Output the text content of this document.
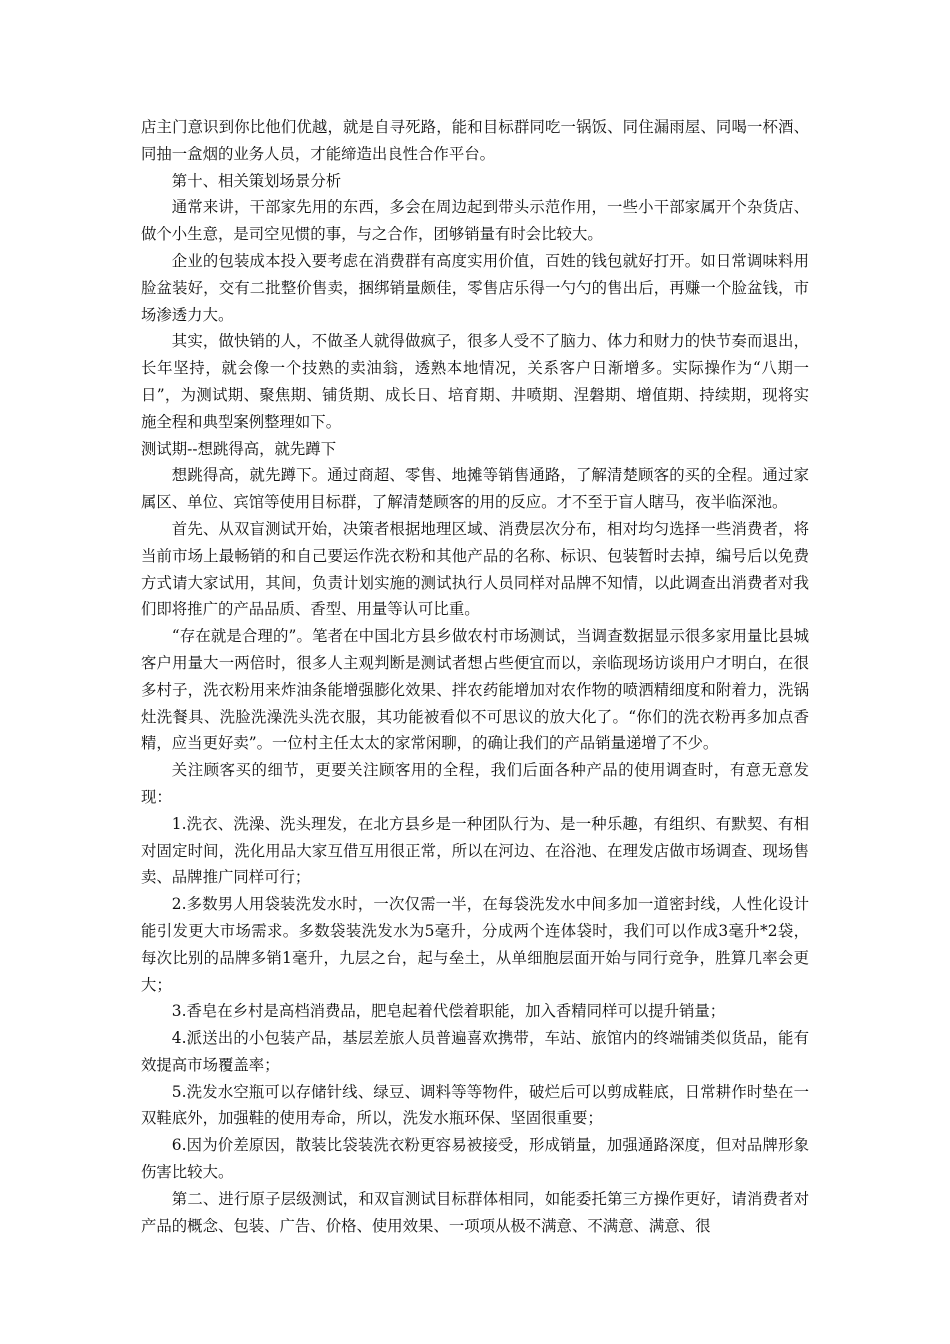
店主门意识到你比他们优越，就是自寻死路，能和目标群同吃一锅饭、同住漏雨屋、同喝一杯酒、同抽一盒烟的业务人员，才能缔造出良性合作平台。

第十、相关策划场景分析

通常来讲，干部家先用的东西，多会在周边起到带头示范作用，一些小干部家属开个杂货店、做个小生意，是司空见惯的事，与之合作，团够销量有时会比较大。

企业的包装成本投入要考虑在消费群有高度实用价值，百姓的钱包就好打开。如日常调味料用脸盆装好，交有二批整价售卖，捆绑销量颇佳，零售店乐得一勺勺的售出后，再赚一个脸盆钱，市场渗透力大。

其实，做快销的人，不做圣人就得做疯子，很多人受不了脑力、体力和财力的快节奏而退出，长年坚持，就会像一个技熟的卖油翁，透熟本地情况，关系客户日渐增多。实际操作为“八期一日”，为测试期、聚焦期、铺货期、成长日、培育期、井喷期、涅磐期、增值期、持续期，现将实施全程和典型案例整理如下。

测试期--想跳得高，就先蹲下

想跳得高，就先蹲下。通过商超、零售、地摊等销售通路，了解清楚顾客的买的全程。通过家属区、单位、宾馆等使用目标群，了解清楚顾客的用的反应。才不至于盲人瞎马，夜半临深池。

首先、从双盲测试开始，决策者根据地理区域、消费层次分布，相对均匀选择一些消费者，将当前市场上最畅销的和自己要运作洗衣粉和其他产品的名称、标识、包装暂时去掉，编号后以免费方式请大家试用，其间，负责计划实施的测试执行人员同样对品牌不知情，以此调查出消费者对我们即将推广的产品品质、香型、用量等认可比重。

“存在就是合理的”。笔者在中国北方县乡做农村市场测试，当调查数据显示很多家用量比县城客户用量大一两倍时，很多人主观判断是测试者想占些便宜而以，亲临现场访谈用户才明白，在很多村子，洗衣粉用来炸油条能增强膨化效果、拌农药能增加对农作物的喷洒精细度和附着力，洗锅灶洗餐具、洗脸洗澡洗头洗衣服，其功能被看似不可思议的放大化了。“你们的洗衣粉再多加点香精，应当更好卖”。一位村主任太太的家常闲聊，的确让我们的产品销量递增了不少。

关注顾客买的细节，更要关注顾客用的全程，我们后面各种产品的使用调查时，有意无意发现：

1.洗衣、洗澡、洗头理发，在北方县乡是一种团队行为、是一种乐趣，有组织、有默契、有相对固定时间，洗化用品大家互借互用很正常，所以在河边、在浴池、在理发店做市场调查、现场售卖、品牌推广同样可行；

2.多数男人用袋装洗发水时，一次仅需一半，在每袋洗发水中间多加一道密封线，人性化设计能引发更大市场需求。多数袋装洗发水为5毫升，分成两个连体袋时，我们可以作成3毫升*2袋，每次比别的品牌多销1毫升，九层之台，起与垒土，从单细胞层面开始与同行竞争，胜算几率会更大；

3.香皂在乡村是高档消费品，肥皂起着代偿着职能，加入香精同样可以提升销量；

4.派送出的小包装产品，基层差旅人员普遍喜欢携带，车站、旅馆内的终端铺类似货品，能有效提高市场覆盖率；

5.洗发水空瓶可以存储针线、绿豆、调料等等物件，破烂后可以剪成鞋底，日常耕作时垫在一双鞋底外，加强鞋的使用寿命，所以，洗发水瓶环保、坚固很重要；

6.因为价差原因，散装比袋装洗衣粉更容易被接受，形成销量，加强通路深度，但对品牌形象伤害比较大。

第二、进行原子层级测试，和双盲测试目标群体相同，如能委托第三方操作更好，请消费者对产品的概念、包装、广告、价格、使用效果、一项项从极不满意、不满意、满意、很
